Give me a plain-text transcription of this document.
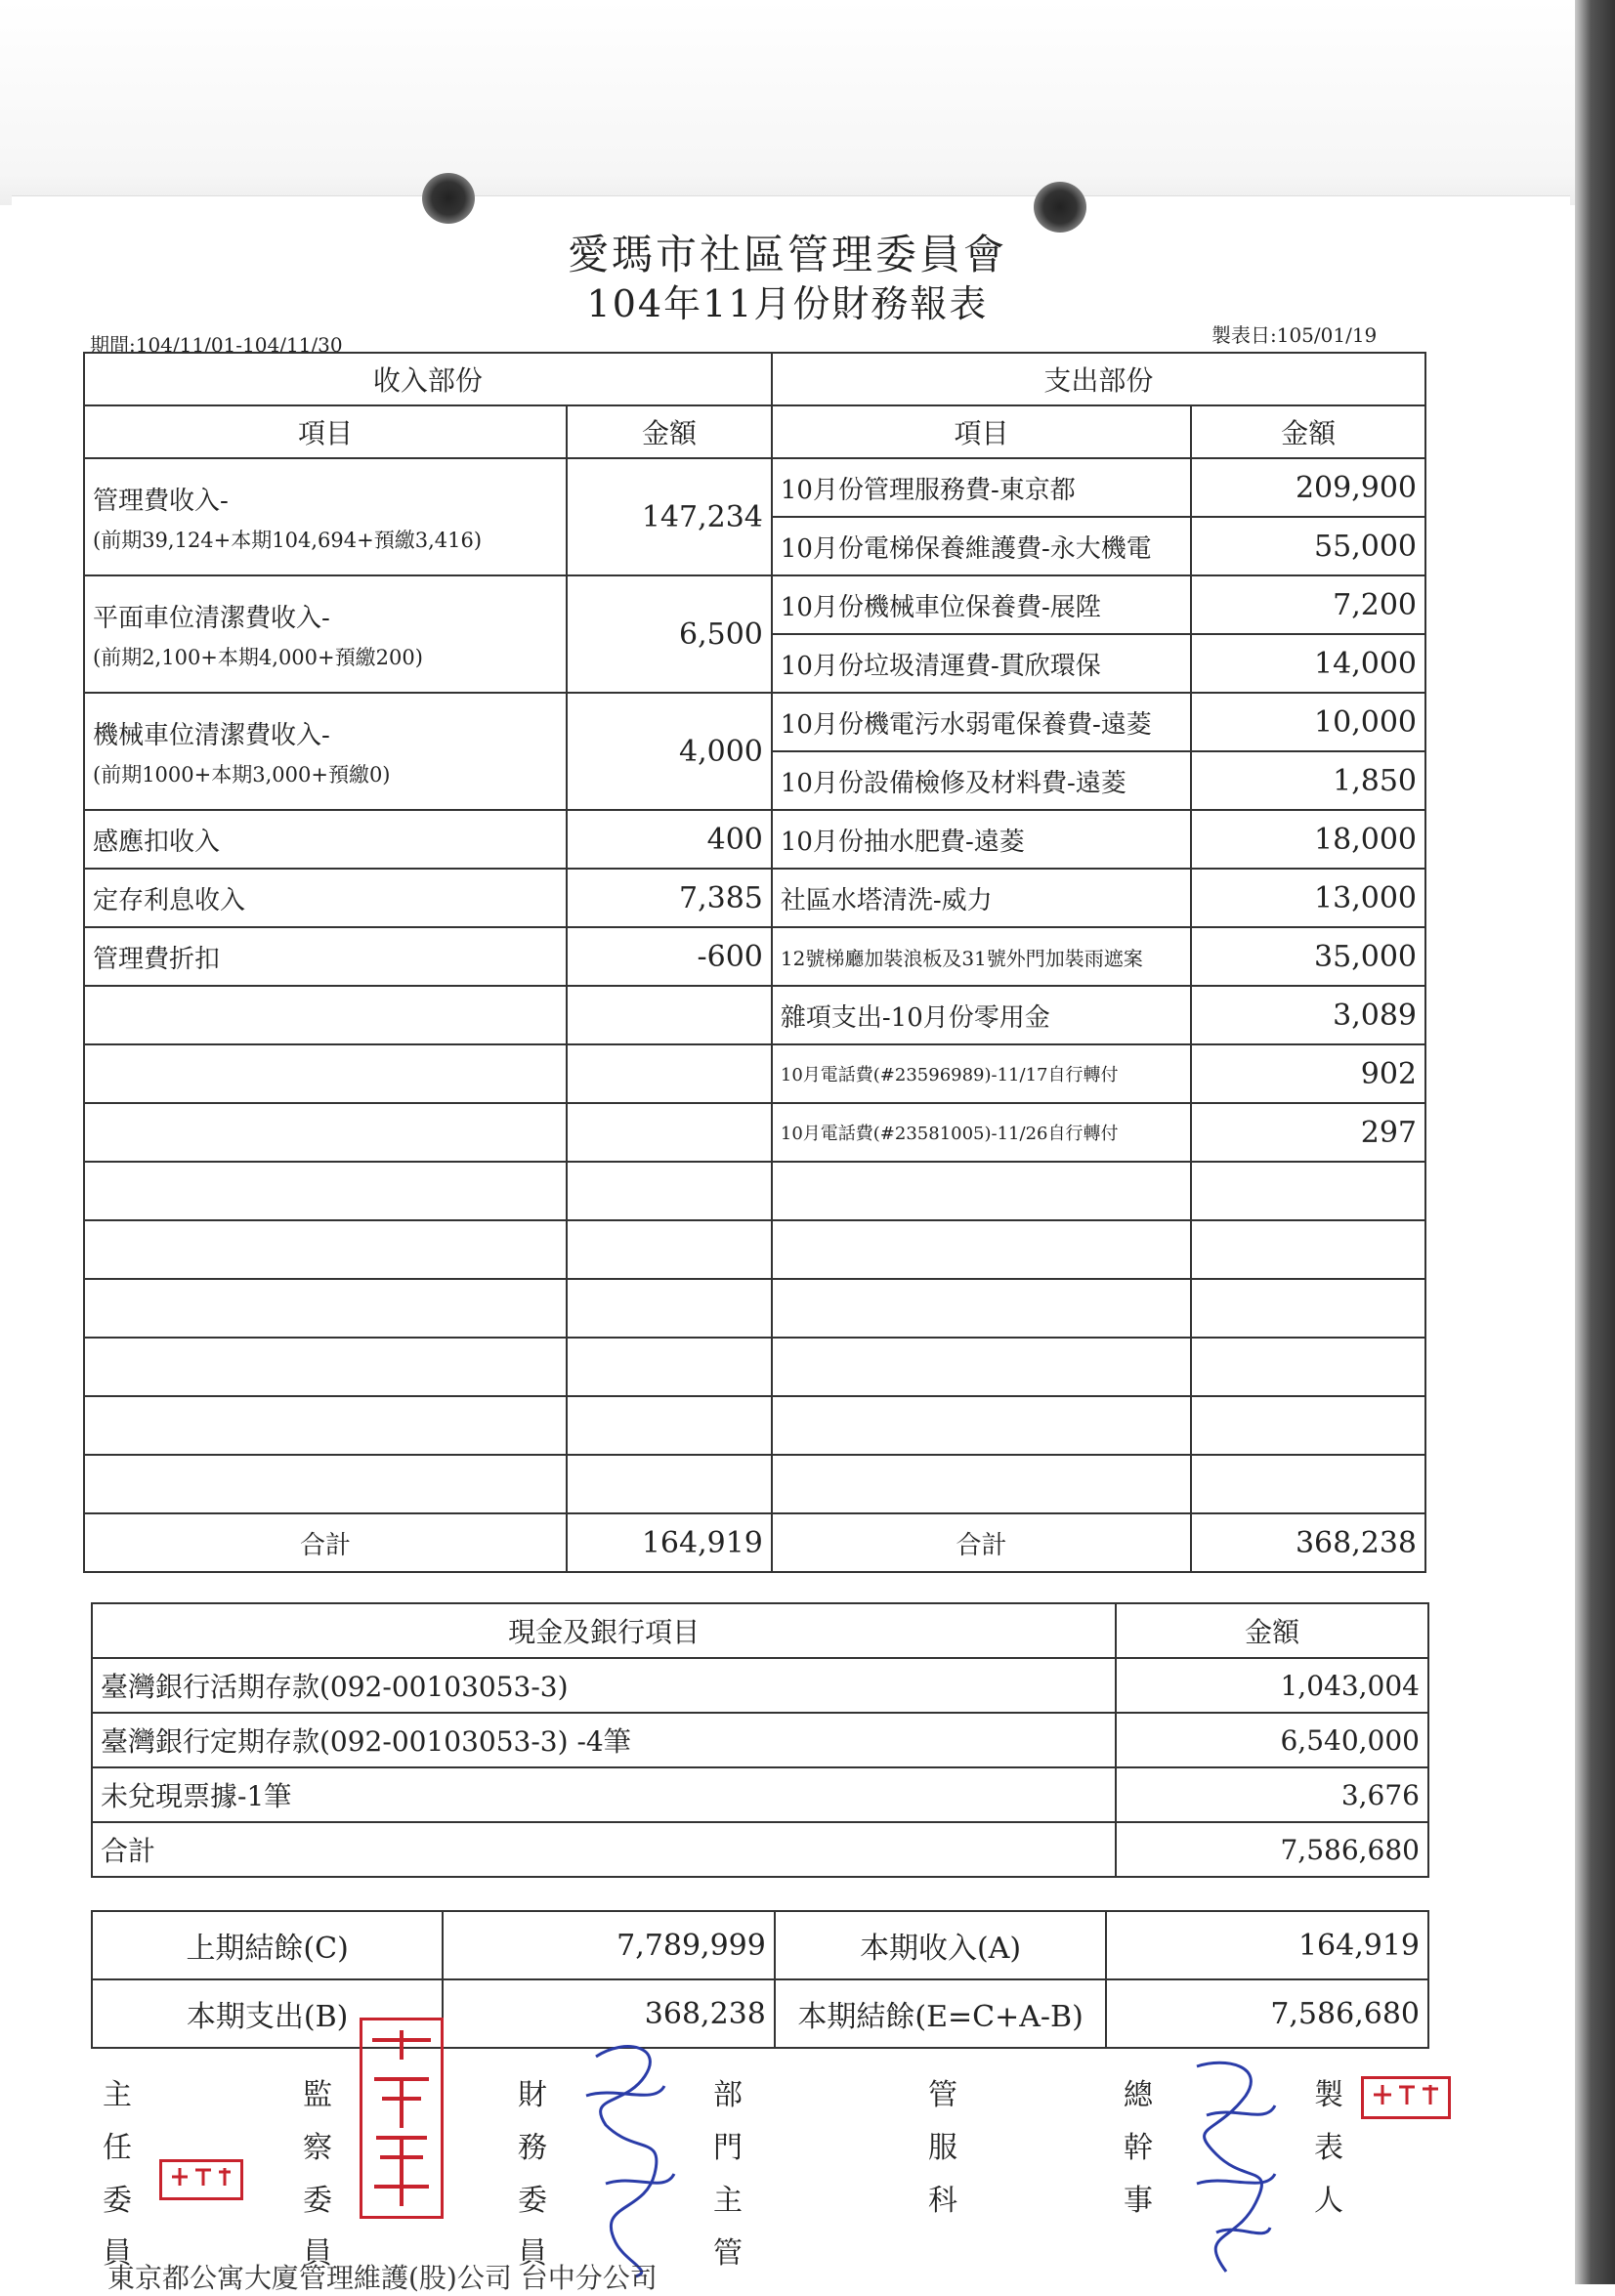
愛瑪市社區管理委員會
104年11月份財務報表
期間:104/11/01-104/11/30	製表日:105/01/19
收入部份		支出部份	
項目	金額	項目	金額
管理費收入-
(前期39,124+本期104,694+預繳3,416)	147,234	10月份管理服務費-東京都	209,900
		10月份電梯保養維護費-永大機電	55,000
平面車位清潔費收入-
(前期2,100+本期4,000+預繳200)	6,500	10月份機械車位保養費-展陞	7,200
		10月份垃圾清運費-貫欣環保	14,000
機械車位清潔費收入-
(前期1000+本期3,000+預繳0)	4,000	10月份機電污水弱電保養費-遠菱	10,000
		10月份設備檢修及材料費-遠菱	1,850
感應扣收入	400	10月份抽水肥費-遠菱	18,000
定存利息收入	7,385	社區水塔清洗-威力	13,000
管理費折扣	-600	12號梯廳加裝浪板及31號外門加裝雨遮案	35,000
		雜項支出-10月份零用金	3,089
		10月電話費(#23596989)-11/17自行轉付	902
		10月電話費(#23581005)-11/26自行轉付	297

合計	164,919	合計	368,238
現金及銀行項目	金額
臺灣銀行活期存款(092-00103053-3)	1,043,004
臺灣銀行定期存款(092-00103053-3) -4筆	6,540,000
未兌現票據-1筆	3,676
合計	7,586,680
上期結餘(C)	7,789,999	本期收入(A)	164,919
本期支出(B)	368,238	本期結餘(E=C+A-B)	7,586,680
主任委員
監察委員
財務委員
部門主管
管服科
總幹事
製表人
東京都公寓大廈管理維護(股)公司 台中分公司
